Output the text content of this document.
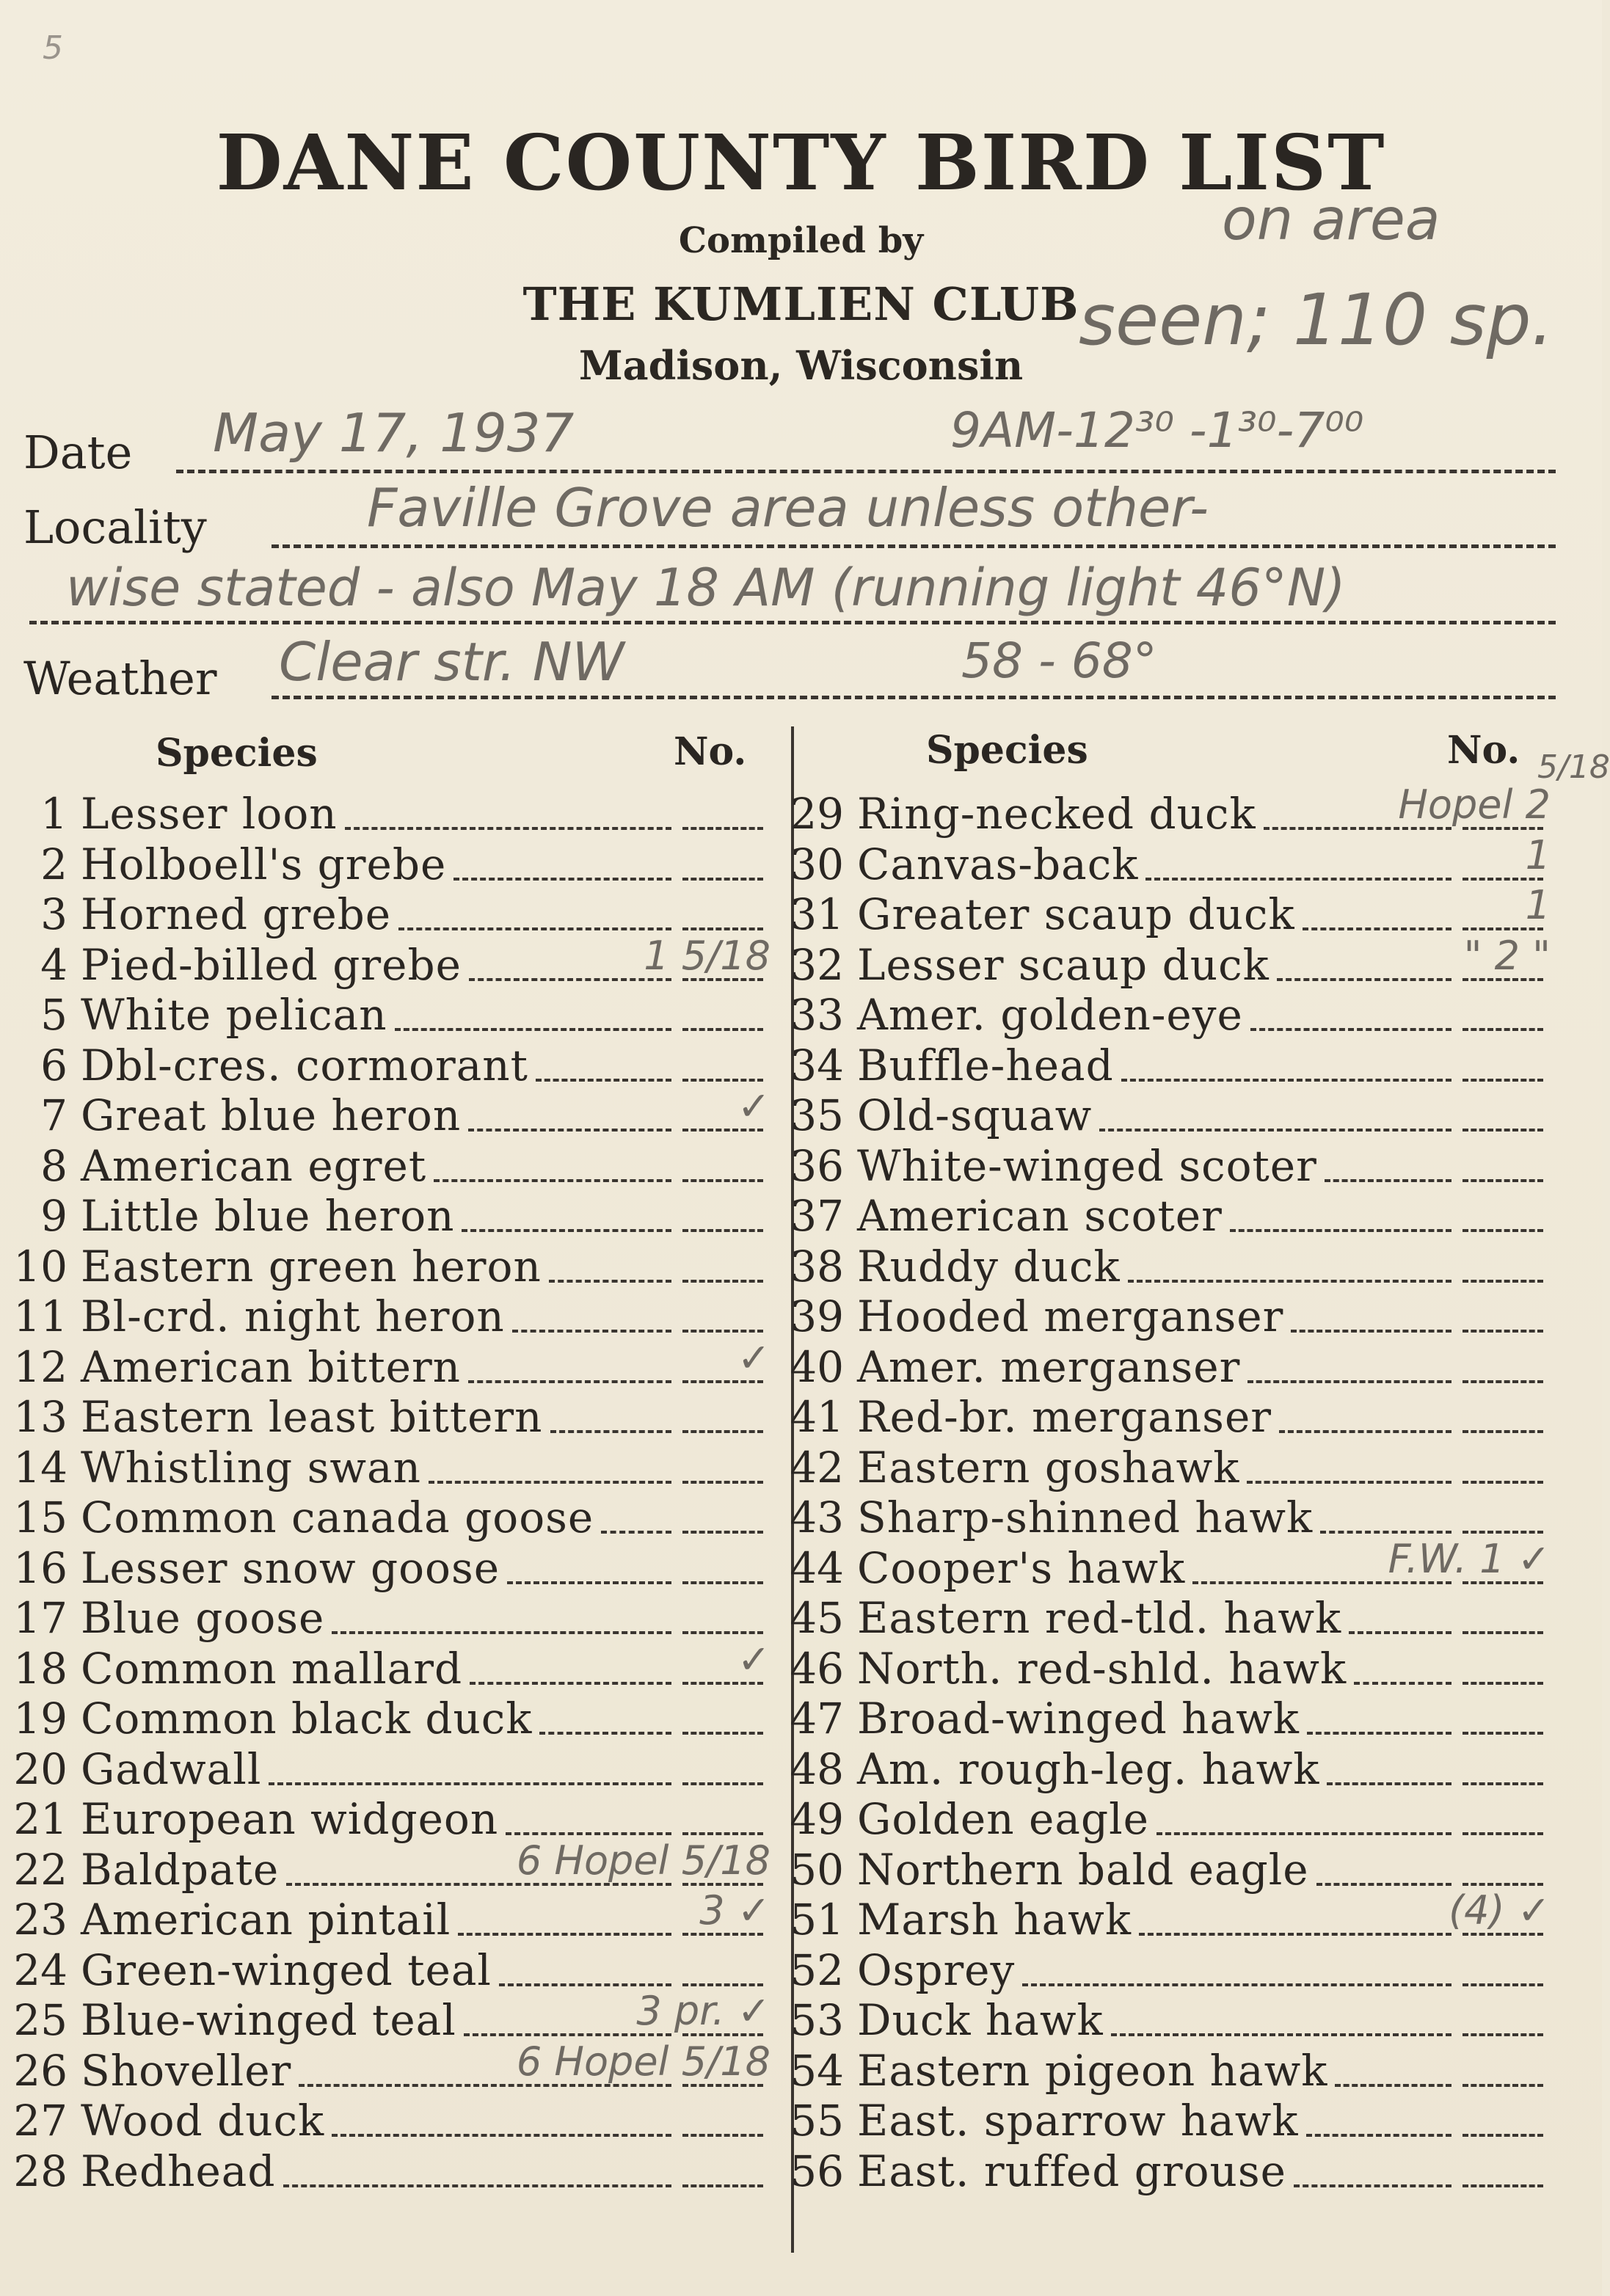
5
DANE COUNTY BIRD LIST
Compiled by
THE KUMLIEN CLUB
Madison, Wisconsin
on area
seen; 110 sp.
Date May 17, 1937	9AM-12³⁰ -1³⁰-7⁰⁰
Locality	Faville Grove area unless other-
wise stated - also May 18 AM (running light 46°N)
Weather Clear str. NW	58 - 68°
Species	No.	Species	No. 5/18
1 Lesser loon
2 Holboell's grebe
3 Horned grebe
4 Pied-billed grebe	1 5/18
5 White pelican
6 Dbl-cres. cormorant
7 Great blue heron	✓
8 American egret
9 Little blue heron
10 Eastern green heron
11 Bl-crd. night heron
12 American bittern	✓
13 Eastern least bittern
14 Whistling swan
15 Common canada goose
16 Lesser snow goose
17 Blue goose
18 Common mallard	✓
19 Common black duck
20 Gadwall
21 European widgeon
22 Baldpate	6 Hopel 5/18
23 American pintail	3 ✓
24 Green-winged teal
25 Blue-winged teal	3 pr. ✓
26 Shoveller	6 Hopel 5/18
27 Wood duck
28 Redhead
29 Ring-necked duck	Hopel 2
30 Canvas-back	1
31 Greater scaup duck	1
32 Lesser scaup duck	" 2 "
33 Amer. golden-eye
34 Buffle-head
35 Old-squaw
36 White-winged scoter
37 American scoter
38 Ruddy duck
39 Hooded merganser
40 Amer. merganser
41 Red-br. merganser
42 Eastern goshawk
43 Sharp-shinned hawk
44 Cooper's hawk	F.W. 1 ✓
45 Eastern red-tld. hawk
46 North. red-shld. hawk
47 Broad-winged hawk
48 Am. rough-leg. hawk
49 Golden eagle
50 Northern bald eagle
51 Marsh hawk	(4) ✓
52 Osprey
53 Duck hawk
54 Eastern pigeon hawk
55 East. sparrow hawk
56 East. ruffed grouse
